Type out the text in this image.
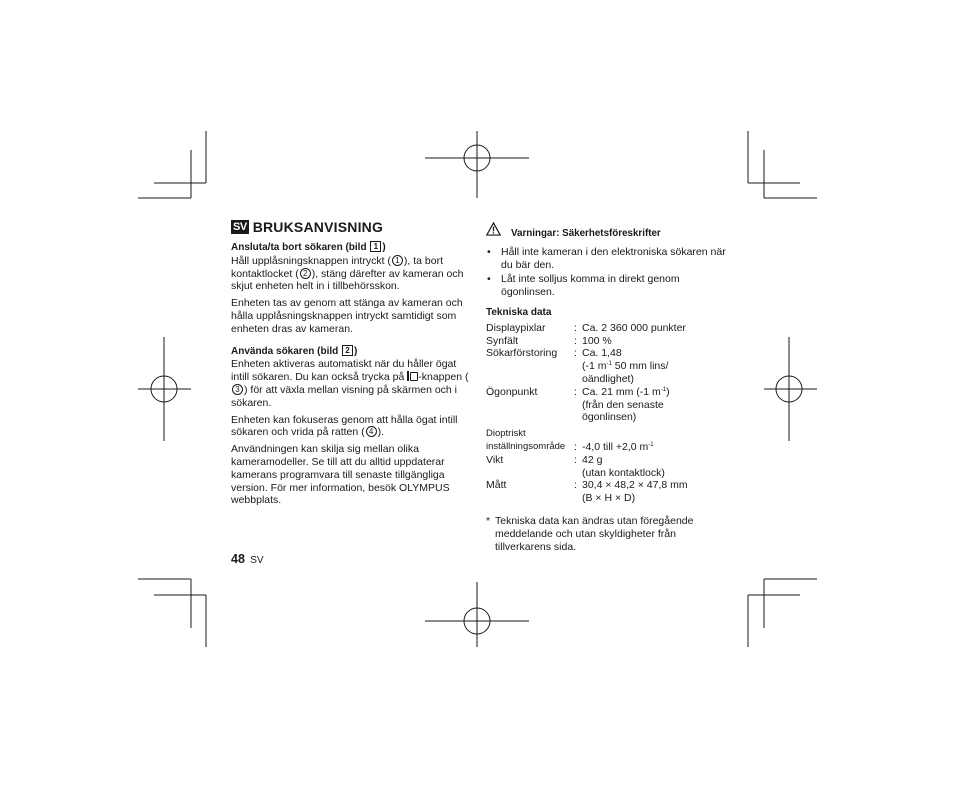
SV BRUKSANVISNING
Ansluta/ta bort sökaren (bild 1 )

Håll upplåsningsknappen intryckt ( 1 ), ta bort kontaktlocket ( 2 ), stäng därefter av kameran och skjut enheten helt in i tillbehörsskon.

Enheten tas av genom att stänga av kameran och hålla upplåsningsknappen intryckt samtidigt som enheten dras av kameran.

Använda sökaren (bild 2 )

Enheten aktiveras automatiskt när du håller ögat intill sökaren. Du kan också trycka på
-knappen (3 ) för att växla mellan visning på skärmen och i sökaren.

Enheten kan fokuseras genom att hålla ögat intill sökaren och vrida på ratten ( 4 ).

Användningen kan skilja sig mellan olika kameramodeller. Se till att du alltid uppdaterar kamerans programvara till senaste tillgängliga version. För mer information, besök OLYMPUS webbplats.

48 SV
Varningar: Säkerhetsföreskrifter
• Håll inte kameran i den elektroniska sökaren när du bär den.
• Låt inte solljus komma in direkt genom ögonlinsen.
Tekniska data
Displaypixlar	: Ca. 2 360 000 punkter
Synfält	: 100 %
Sökarförstoring	: Ca. 1,48
(-1 $m^{-1}$ 50 mm lins/
oändlighet)
Ögonpunkt	: Ca. 21 mm (-1 $m^{-1}$)
(från den senaste
ögonlinsen)
Dioptriskt
inställningsområde : -4,0 till +2,0 $m^{-1}$
Vikt	: 42 g
(utan kontaktlock)
Mått	: 30,4 × 48,2 × 47,8 mm
(B × H × D)
* Tekniska data kan ändras utan föregående meddelande och utan skyldigheter från tillverkarens sida.
